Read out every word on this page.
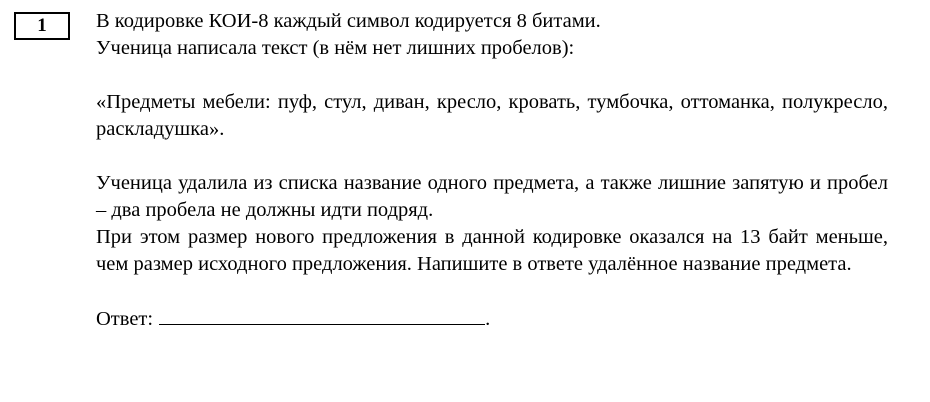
1 В кодировке КОИ-8 каждый символ кодируется 8 битами.

Ученица написала текст (в нём нет лишних пробелов):

«Предметы мебели: пуф, стул, диван, кресло, кровать, тумбочка, оттоманка, полукресло, раскладушка».

Ученица удалила из списка название одного предмета, а также лишние запятую и пробел – два пробела не должны идти подряд.

При этом размер нового предложения в данной кодировке оказался на 13 байт меньше, чем размер исходного предложения. Напишите в ответе удалённое название предмета.

Ответ:	.
